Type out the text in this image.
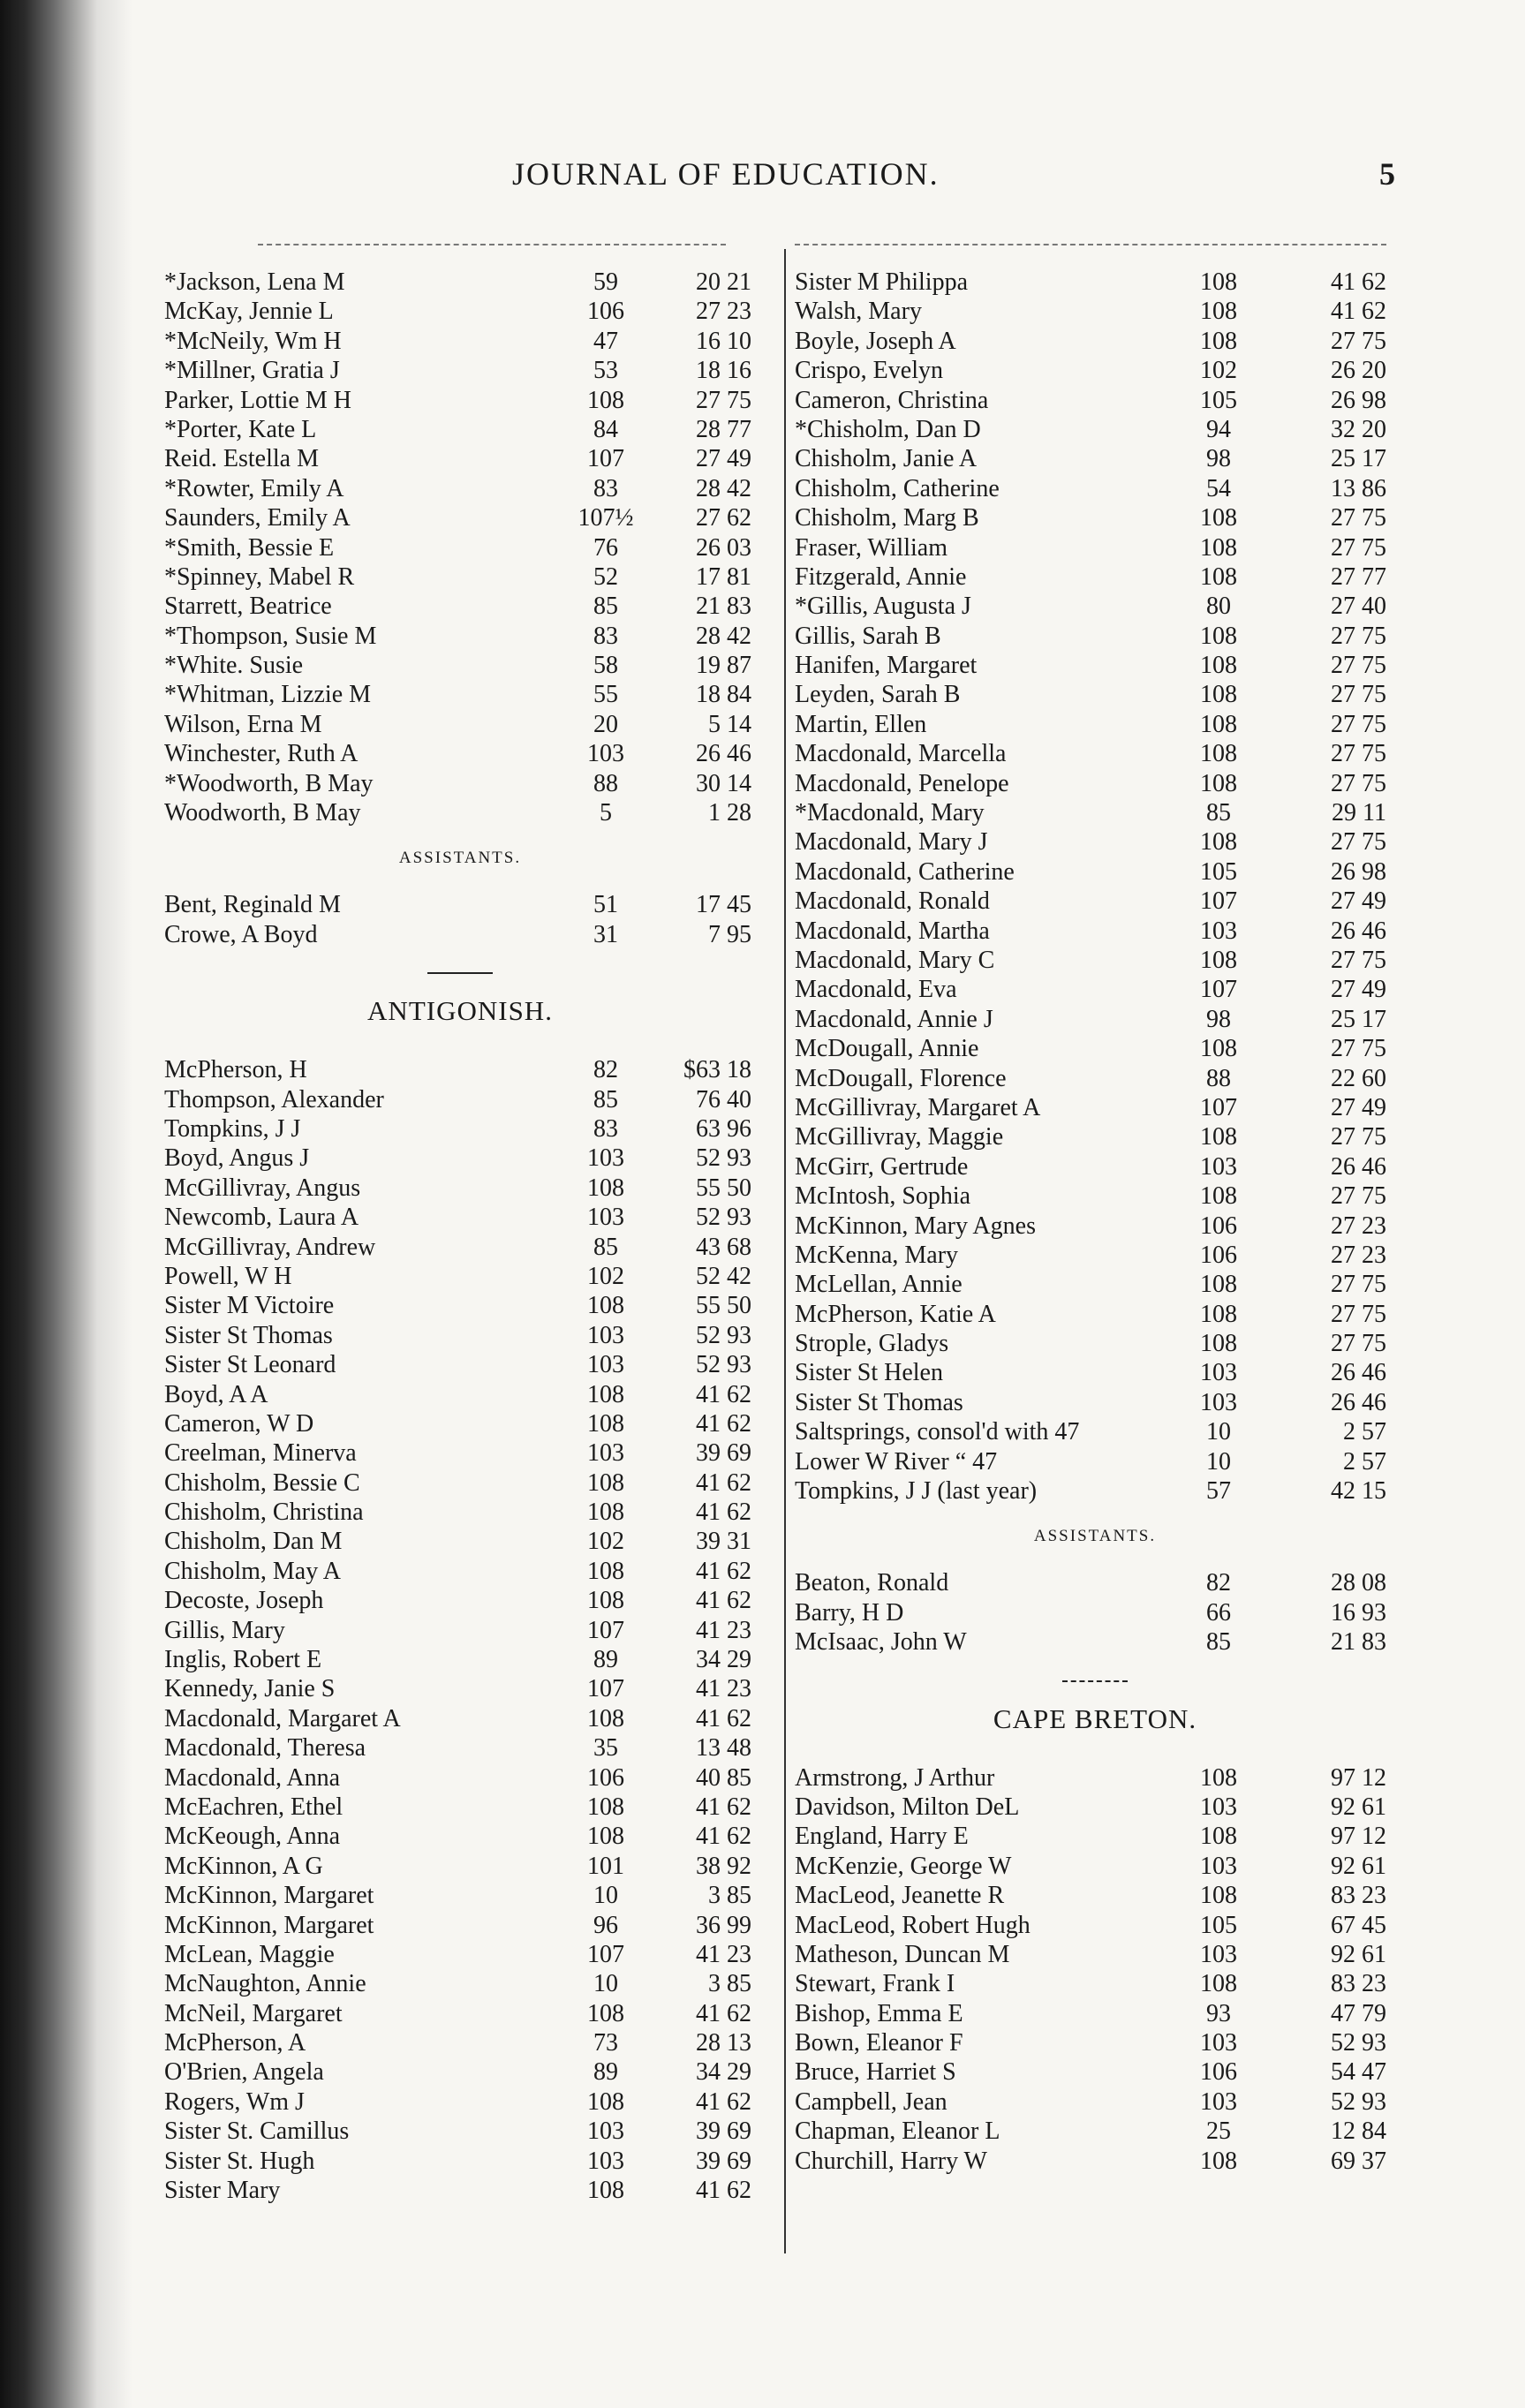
JOURNAL OF EDUCATION.	5
*Jackson, Lena M	59	20 21
McKay, Jennie L	106	27 23
*McNeily, Wm H	47	16 10
*Millner, Gratia J	53	18 16
Parker, Lottie M H	108	27 75
*Porter, Kate L	84	28 77
Reid. Estella M	107	27 49
*Rowter, Emily A	83	28 42
Saunders, Emily A	107½	27 62
*Smith, Bessie E	76	26 03
*Spinney, Mabel R	52	17 81
Starrett, Beatrice	85	21 83
*Thompson, Susie M	83	28 42
*White. Susie	58	19 87
*Whitman, Lizzie M	55	18 84
Wilson, Erna M	20	5 14
Winchester, Ruth A	103	26 46
*Woodworth, B May	88	30 14
Woodworth, B May	5	1 28
ASSISTANTS.
Bent, Reginald M	51	17 45
Crowe, A Boyd	31	7 95
ANTIGONISH.
McPherson, H	82	$63 18
Thompson, Alexander	85	76 40
Tompkins, J J	83	63 96
Boyd, Angus J	103	52 93
McGillivray, Angus	108	55 50
Newcomb, Laura A	103	52 93
McGillivray, Andrew	85	43 68
Powell, W H	102	52 42
Sister M Victoire	108	55 50
Sister St Thomas	103	52 93
Sister St Leonard	103	52 93
Boyd, A A	108	41 62
Cameron, W D	108	41 62
Creelman, Minerva	103	39 69
Chisholm, Bessie C	108	41 62
Chisholm, Christina	108	41 62
Chisholm, Dan M	102	39 31
Chisholm, May A	108	41 62
Decoste, Joseph	108	41 62
Gillis, Mary	107	41 23
Inglis, Robert E	89	34 29
Kennedy, Janie S	107	41 23
Macdonald, Margaret A	108	41 62
Macdonald, Theresa	35	13 48
Macdonald, Anna	106	40 85
McEachren, Ethel	108	41 62
McKeough, Anna	108	41 62
McKinnon, A G	101	38 92
McKinnon, Margaret	10	3 85
McKinnon, Margaret	96	36 99
McLean, Maggie	107	41 23
McNaughton, Annie	10	3 85
McNeil, Margaret	108	41 62
McPherson, A	73	28 13
O'Brien, Angela	89	34 29
Rogers, Wm J	108	41 62
Sister St. Camillus	103	39 69
Sister St. Hugh	103	39 69
Sister Mary	108	41 62
Sister M Philippa	108	41 62
Walsh, Mary	108	41 62
Boyle, Joseph A	108	27 75
Crispo, Evelyn	102	26 20
Cameron, Christina	105	26 98
*Chisholm, Dan D	94	32 20
Chisholm, Janie A	98	25 17
Chisholm, Catherine	54	13 86
Chisholm, Marg B	108	27 75
Fraser, William	108	27 75
Fitzgerald, Annie	108	27 77
*Gillis, Augusta J	80	27 40
Gillis, Sarah B	108	27 75
Hanifen, Margaret	108	27 75
Leyden, Sarah B	108	27 75
Martin, Ellen	108	27 75
Macdonald, Marcella	108	27 75
Macdonald, Penelope	108	27 75
*Macdonald, Mary	85	29 11
Macdonald, Mary J	108	27 75
Macdonald, Catherine	105	26 98
Macdonald, Ronald	107	27 49
Macdonald, Martha	103	26 46
Macdonald, Mary C	108	27 75
Macdonald, Eva	107	27 49
Macdonald, Annie J	98	25 17
McDougall, Annie	108	27 75
McDougall, Florence	88	22 60
McGillivray, Margaret A	107	27 49
McGillivray, Maggie	108	27 75
McGirr, Gertrude	103	26 46
McIntosh, Sophia	108	27 75
McKinnon, Mary Agnes	106	27 23
McKenna, Mary	106	27 23
McLellan, Annie	108	27 75
McPherson, Katie A	108	27 75
Strople, Gladys	108	27 75
Sister St Helen	103	26 46
Sister St Thomas	103	26 46
Saltsprings, consol'd with 47	10	2 57
Lower W River “ 47	10	2 57
Tompkins, J J (last year)	57	42 15
ASSISTANTS.
Beaton, Ronald	82	28 08
Barry, H D	66	16 93
McIsaac, John W	85	21 83
CAPE BRETON.
Armstrong, J Arthur	108	97 12
Davidson, Milton DeL	103	92 61
England, Harry E	108	97 12
McKenzie, George W	103	92 61
MacLeod, Jeanette R	108	83 23
MacLeod, Robert Hugh	105	67 45
Matheson, Duncan M	103	92 61
Stewart, Frank I	108	83 23
Bishop, Emma E	93	47 79
Bown, Eleanor F	103	52 93
Bruce, Harriet S	106	54 47
Campbell, Jean	103	52 93
Chapman, Eleanor L	25	12 84
Churchill, Harry W	108	69 37
